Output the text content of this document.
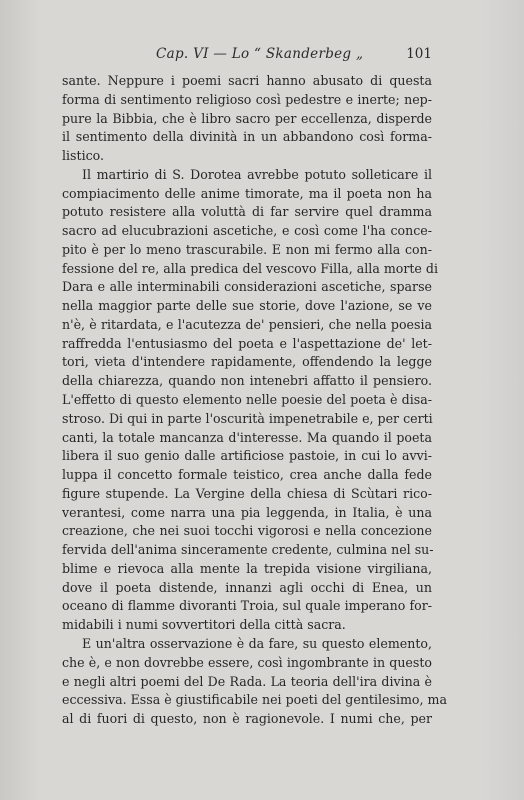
Cap. VI — Lo “ Skanderbeg „	101
sante. Neppure i poemi sacri hanno abusato di questa
forma di sentimento religioso così pedestre e inerte; nep-
pure la Bibbia, che è libro sacro per eccellenza, disperde
il sentimento della divinità in un abbandono così forma-
listico.
Il martirio di S. Dorotea avrebbe potuto solleticare il
compiacimento delle anime timorate, ma il poeta non ha
potuto resistere alla voluttà di far servire quel dramma
sacro ad elucubrazioni ascetiche, e così come l'ha conce-
pito è per lo meno trascurabile. E non mi fermo alla con-
fessione del re, alla predica del vescovo Filla, alla morte di
Dara e alle interminabili considerazioni ascetiche, sparse
nella maggior parte delle sue storie, dove l'azione, se ve
n'è, è ritardata, e l'acutezza de' pensieri, che nella poesia
raffredda l'entusiasmo del poeta e l'aspettazione de' let-
tori, vieta d'intendere rapidamente, offendendo la legge
della chiarezza, quando non intenebri affatto il pensiero.
L'effetto di questo elemento nelle poesie del poeta è disa-
stroso. Di qui in parte l'oscurità impenetrabile e, per certi
canti, la totale mancanza d'interesse. Ma quando il poeta
libera il suo genio dalle artificiose pastoie, in cui lo avvi-
luppa il concetto formale teistico, crea anche dalla fede
figure stupende. La Vergine della chiesa di Scùtari rico-
verantesi, come narra una pia leggenda, in Italia, è una
creazione, che nei suoi tocchi vigorosi e nella concezione
fervida dell'anima sinceramente credente, culmina nel su-
blime e rievoca alla mente la trepida visione virgiliana,
dove il poeta distende, innanzi agli occhi di Enea, un
oceano di flamme divoranti Troia, sul quale imperano for-
midabili i numi sovvertitori della città sacra.
E un'altra osservazione è da fare, su questo elemento,
che è, e non dovrebbe essere, così ingombrante in questo
e negli altri poemi del De Rada. La teoria dell'ira divina è
eccessiva. Essa è giustificabile nei poeti del gentilesimo, ma
al di fuori di questo, non è ragionevole. I numi che, per
